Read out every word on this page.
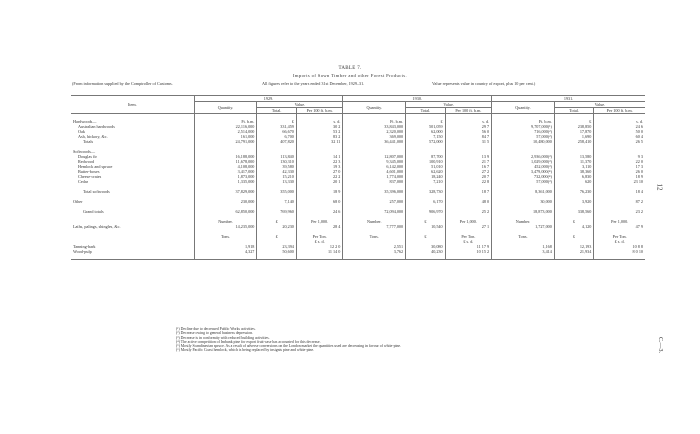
TABLE 7.
Imports of Sawn Timber and other Forest Products.
(From information supplied by the Comptroller of Customs.	All figures refer to the years ended 31st December, 1929–31.	Value represents value in country of export, plus 10 per cent.)
12
C.—3.
Item.	1929.			1930.			1931.		
	Quantity.	Value.		Quantity.	Value.		Quantity.	Value.	
		Total.	Per 100 ft. b.m.		Total.	Per 100 ft. b.m.		Total.	Per 100 ft. b.m.

Hardwoods—	Ft. b.m.	£	s. d.	Ft. b.m.	£	s. d.	Ft. b.m.	£	s. d.
Australian hardwoods	22,116,000	331,459	30 2	33,843,000	501,059	29 7	9,707,000(¹)	238,850	24 6
Oak	2,514,000	66,670	53 2	2,320,000	62,000	56 0	716,000(²)	17,870	50 0
Ash, hickory, &c.	161,000	6,700	83 2	369,000	7,150	84 7	57,000(²)	1,690	60 4
Totals	24,791,000	407,820	32 11	36,441,000	572,000	31 5	10,480,000	258,410	26 5

Softwoods—									
Douglas fir	16,188,000	113,840	14 1	12,807,000	87,700	13 9	2,936,000(³)	13,580	9 3
Redwood	11,678,000	130,310	22 3	9,345,000	100,910	21 7	1,029,000(³)	11,370	22 0
Hemlock and spruce	4,108,000	39,580	19 3	6,142,000	51,010	16 7	452,000(³)	3,110	17 3
Butter-boxes	3,417,000	42,330	27 0	4,601,000	62,620	27 2	3,479,000(⁴)	38,360	26 0
Cheese-crates	1,873,000	15,210	22 2	1,774,000	18,240	20 7	732,000(⁴)	6,830	18 9
Cedar	1,335,000	13,330	20 1	837,000	7,210	22 8	57,000(³)	620	23 10

Total softwoods	37,829,000	355,000	18 9	35,396,000	328,730	18 7	8,361,000	76,230	18 4

Other	230,000	7,140	68 0	257,000	6,170	48 0	30,000	3,920	87 2

Grand totals	62,850,000	769,960	24 6	72,094,000	906,970	25 2	18,873,000	338,560	23 2

	Number.	£	Per 1,000.	Number.	£	Per 1,000.	Number.	£	Per 1,000.
Laths, palings, shingles, &c.	14,235,000	20,230	28 4	7,777,000	10,540	27 1	1,727,000	4,120	47 9

	Tons.	£	Per Ton.	Tons.	£	Per Ton.	Tons.	£	Per Ton.
			£ s. d.			£ s. d.			£ s. d.
Tanning-bark	1,918	23,394	12 2 0	2,551	30,080	11 17 9	1,168	12,193	10 8 8
Wood-pulp	4,327	50,600	11 14 0	3,762	40,230	10 15 2	3,414	21,934	8 0 10

(¹) Decline due to decreased Public Works activities.
(²) Decrease owing to general business depression.
(³) Decrease is in conformity with reduced building activities.
(⁴) The active competition of Imbunk pine for export fruit-case has accounted for this decrease.
(⁵) Mostly Scandinavian spruce. As a result of adverse conversions on the London market the quantities used are decreasing in favour of white-pine.
(⁶) Mostly Pacific Coast hemlock, which is being replaced by insignis pine and white-pine.
